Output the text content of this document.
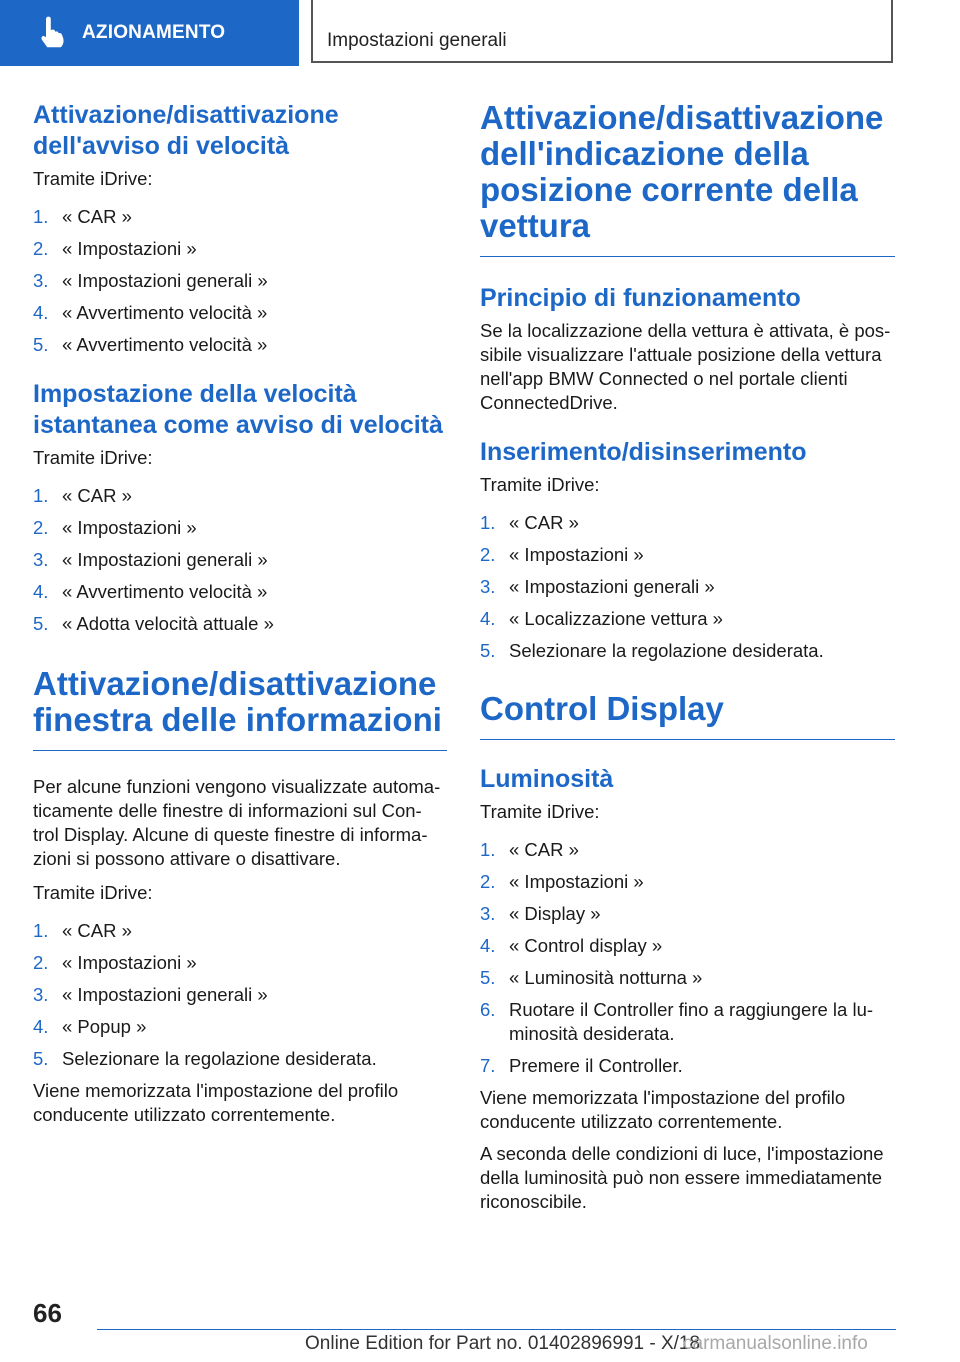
AZIONAMENTO	Impostazioni generali
Attivazione/disattivazione dell'avviso di velocità

Tramite iDrive:

1. « CAR »
2. « Impostazioni »
3. « Impostazioni generali »
4. « Avvertimento velocità »
5. « Avvertimento velocità »
Impostazione della velocità istantanea come avviso di velocità

Tramite iDrive:

1. « CAR »
2. « Impostazioni »
3. « Impostazioni generali »
4. « Avvertimento velocità »
5. « Adotta velocità attuale »
Attivazione/disattivazione finestra delle informazioni

Per alcune funzioni vengono visualizzate automa-ticamente delle finestre di informazioni sul Con-trol Display. Alcune di queste finestre di informa-zioni si possono attivare o disattivare.

Tramite iDrive:

1. « CAR »
2. « Impostazioni »
3. « Impostazioni generali »
4. « Popup »
5. Selezionare la regolazione desiderata.

Viene memorizzata l'impostazione del profilo conducente utilizzato correntemente.

Attivazione/disattivazione dell'indicazione della posizione corrente della vettura
Principio di funzionamento

Se la localizzazione della vettura è attivata, è pos-sibile visualizzare l'attuale posizione della vettura nell'app BMW Connected o nel portale clienti ConnectedDrive.

Inserimento/disinserimento

Tramite iDrive:

1. « CAR »
2. « Impostazioni »
3. « Impostazioni generali »
4. « Localizzazione vettura »
5. Selezionare la regolazione desiderata.
Control Display
Luminosità

Tramite iDrive:

1. « CAR »
2. « Impostazioni »
3. « Display »
4. « Control display »
5. « Luminosità notturna »
6. Ruotare il Controller fino a raggiungere la lu-minosità desiderata.
7. Premere il Controller.

Viene memorizzata l'impostazione del profilo conducente utilizzato correntemente.

A seconda delle condizioni di luce, l'impostazione della luminosità può non essere immediatamente riconoscibile.

66
Online Edition for Part no. 01402896991 - X/18
carmanualsonline.info
